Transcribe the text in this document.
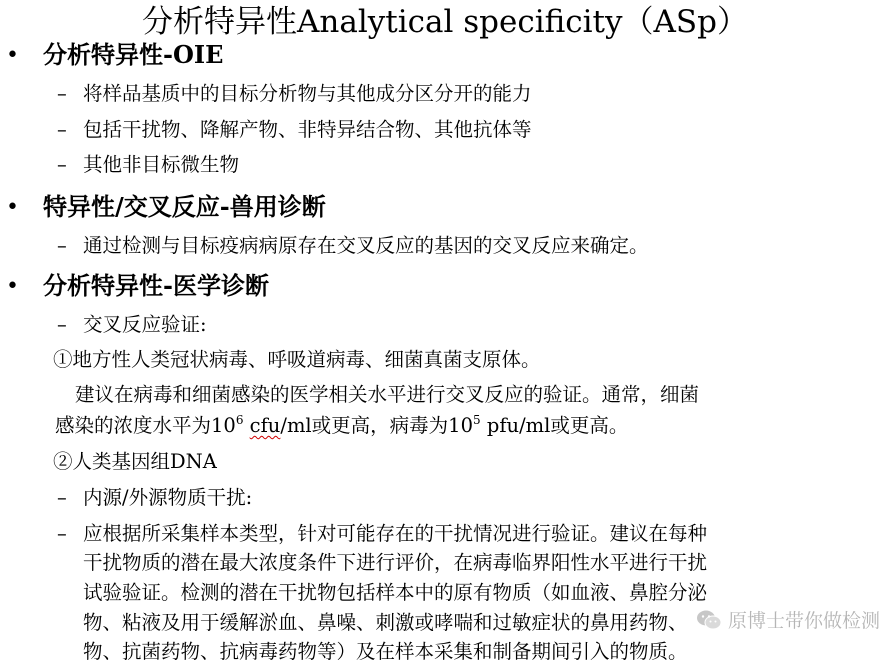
分析特异性Analytical specificity（ASp）
• 分析特异性-OIE
– 将样品基质中的目标分析物与其他成分区分开的能力
– 包括干扰物、降解产物、非特异结合物、其他抗体等
– 其他非目标微生物
• 特异性/交叉反应-兽用诊断
– 通过检测与目标疫病病原存在交叉反应的基因的交叉反应来确定。
• 分析特异性-医学诊断
– 交叉反应验证:
①地方性人类冠状病毒、呼吸道病毒、细菌真菌支原体。
建议在病毒和细菌感染的医学相关水平进行交叉反应的验证。通常，细菌
感染的浓度水平为$10^6$ cfu/ml或更高，病毒为$10^5$ pfu/ml或更高。
②人类基因组DNA
– 内源/外源物质干扰:
– 应根据所采集样本类型，针对可能存在的干扰情况进行验证。建议在每种
干扰物质的潜在最大浓度条件下进行评价，在病毒临界阳性水平进行干扰
试验验证。检测的潜在干扰物包括样本中的原有物质（如血液、鼻腔分泌
物、粘液及用于缓解淤血、鼻噪、刺激或哮喘和过敏症状的鼻用药物、
物、抗菌药物、抗病毒药物等）及在样本采集和制备期间引入的物质。
原博士带你做检测
